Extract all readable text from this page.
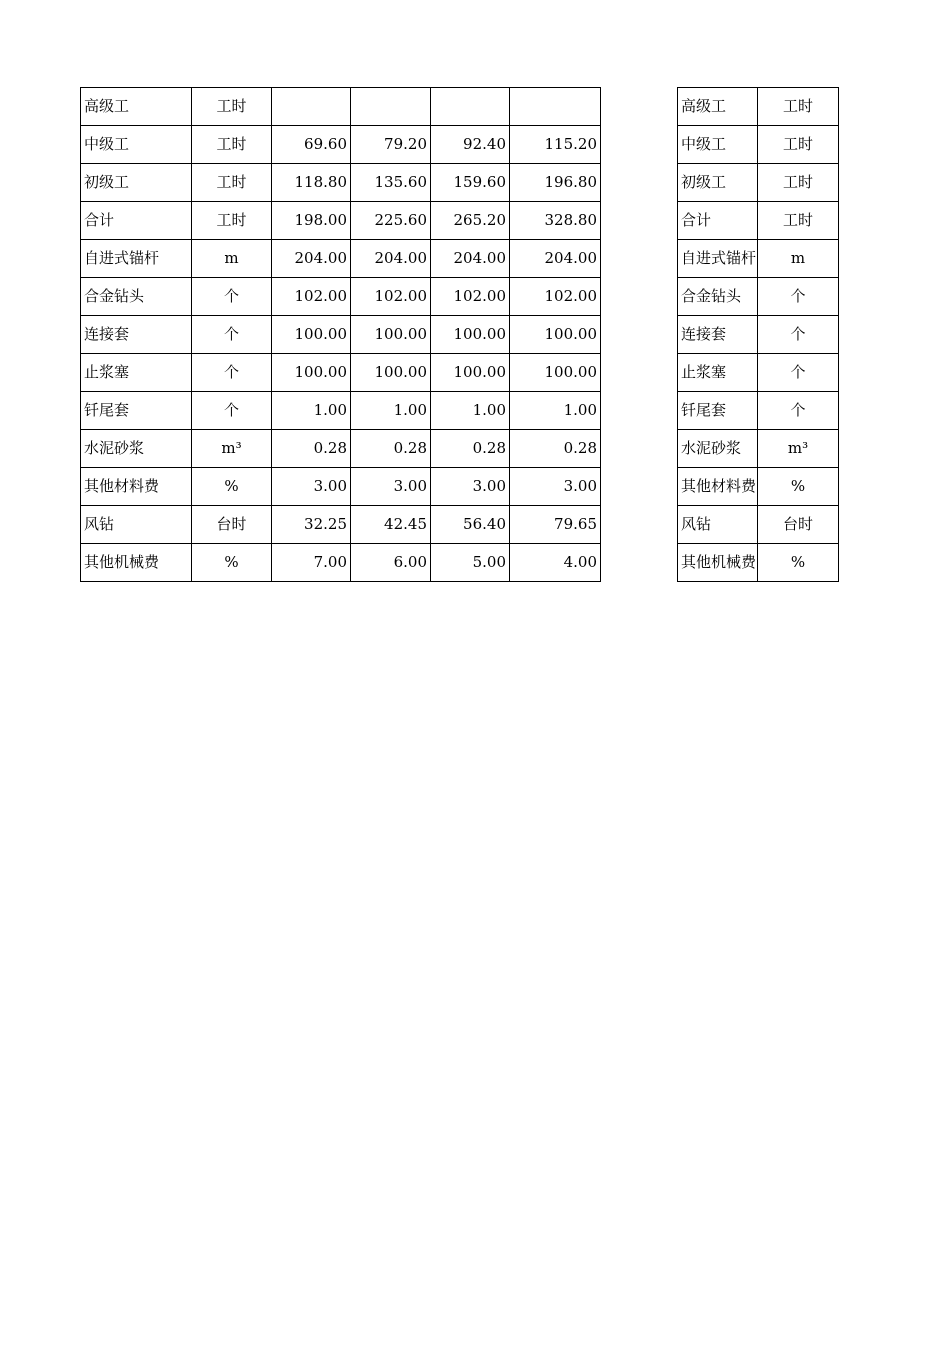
高级工	工时				
中级工	工时	69.60	79.20	92.40	115.20
初级工	工时	118.80	135.60	159.60	196.80
合计	工时	198.00	225.60	265.20	328.80
自进式锚杆	m	204.00	204.00	204.00	204.00
合金钻头	个	102.00	102.00	102.00	102.00
连接套	个	100.00	100.00	100.00	100.00
止浆塞	个	100.00	100.00	100.00	100.00
钎尾套	个	1.00	1.00	1.00	1.00
水泥砂浆	m³	0.28	0.28	0.28	0.28
其他材料费	%	3.00	3.00	3.00	3.00
风钻	台时	32.25	42.45	56.40	79.65
其他机械费	%	7.00	6.00	5.00	4.00
高级工	工时
中级工	工时
初级工	工时
合计	工时
自进式锚杆	m
合金钻头	个
连接套	个
止浆塞	个
钎尾套	个
水泥砂浆	m³
其他材料费	%
风钻	台时
其他机械费	%
